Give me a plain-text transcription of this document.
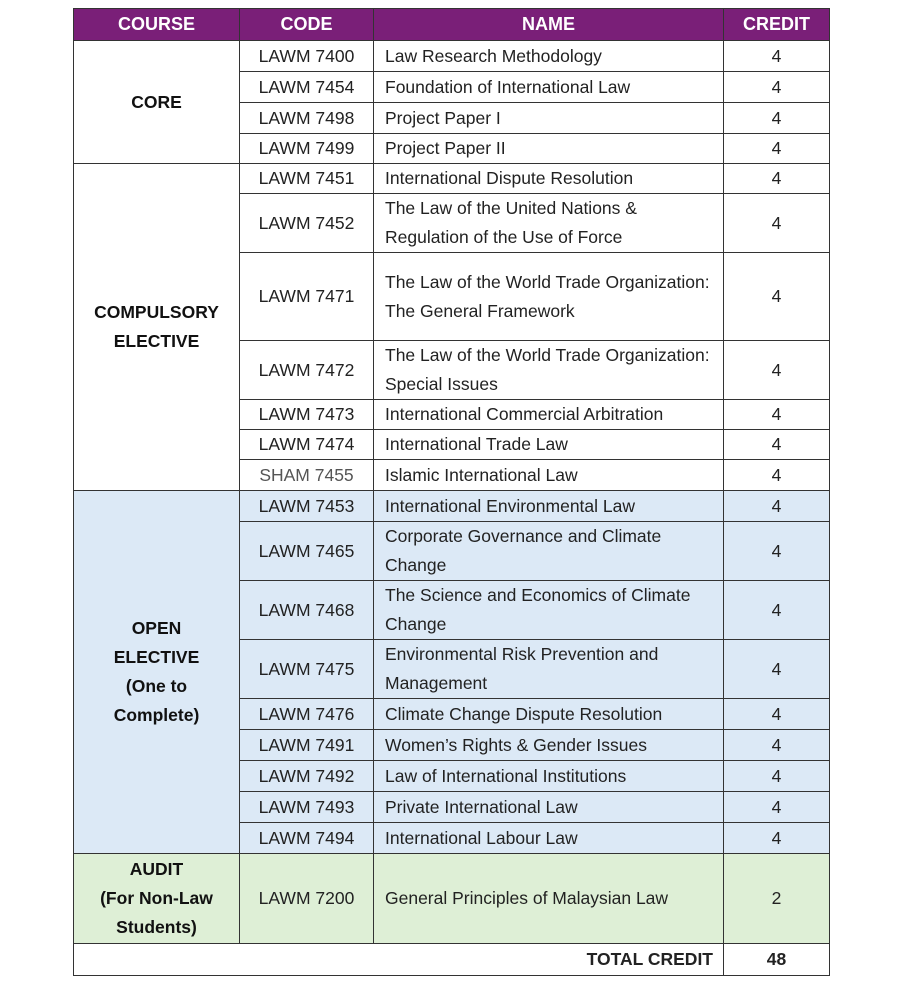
COURSE	CODE	NAME	CREDIT

CORE	LAWM 7400	Law Research Methodology	4
	LAWM 7454	Foundation of International Law	4
	LAWM 7498	Project Paper I	4
	LAWM 7499	Project Paper II	4

COMPULSORY
ELECTIVE	LAWM 7451	International Dispute Resolution	4
	LAWM 7452	The Law of the United Nations & Regulation of the Use of Force	4
	LAWM 7471	The Law of the World Trade Organization: The General Framework	4
	LAWM 7472	The Law of the World Trade Organization: Special Issues	4
	LAWM 7473	International Commercial Arbitration	4
	LAWM 7474	International Trade Law	4
	SHAM 7455	Islamic International Law	4

OPEN
ELECTIVE
(One to
Complete)	LAWM 7453	International Environmental Law	4
	LAWM 7465	Corporate Governance and Climate Change	4
	LAWM 7468	The Science and Economics of Climate Change	4
	LAWM 7475	Environmental Risk Prevention and Management	4
	LAWM 7476	Climate Change Dispute Resolution	4
	LAWM 7491	Women’s Rights & Gender Issues	4
	LAWM 7492	Law of International Institutions	4
	LAWM 7493	Private International Law	4
	LAWM 7494	International Labour Law	4

AUDIT
(For Non-Law
Students)	LAWM 7200	General Principles of Malaysian Law	2
TOTAL CREDIT			48
